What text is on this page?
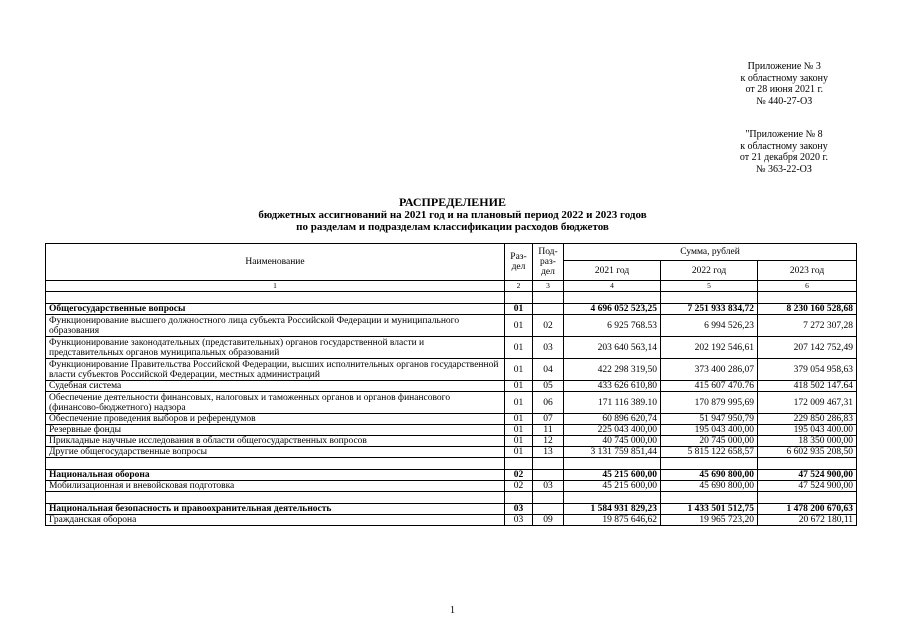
Приложение № 3
к областному закону
от 28 июня 2021 г.
№ 440-27-ОЗ
"Приложение № 8
к областному закону
от 21 декабря 2020 г.
№ 363-22-ОЗ
РАСПРЕДЕЛЕНИЕ
бюджетных ассигнований на 2021 год и на плановый период 2022 и 2023 годов
по разделам и подразделам классификации расходов бюджетов
Наименование	Раз-дел	Под-раз-дел	Сумма, рублей		
			2021 год	2022 год	2023 год
1	2	3	4	5	6

Общегосударственные вопросы	01		4 696 052 523,25	7 251 933 834,72	8 230 160 528,68
Функционирование высшего должностного лица субъекта Российской Федерации и муниципального образования	01	02	6 925 768.53	6 994 526,23	7 272 307,28
Функционирование законодательных (представительных) органов государственной власти и представительных органов муниципальных образований	01	03	203 640 563,14	202 192 546,61	207 142 752,49
Функционирование Правительства Российской Федерации, высших исполнительных органов государственной власти субъектов Российской Федерации, местных администраций	01	04	422 298 319,50	373 400 286,07	379 054 958,63
Судебная система	01	05	433 626 610,80	415 607 470.76	418 502 147.64
Обеспечение деятельности финансовых, налоговых и таможенных органов и органов финансового (финансово-бюджетного) надзора	01	06	171 116 389.10	170 879 995,69	172 009 467,31
Обеспечение проведения выборов и референдумов	01	07	60 896 620,74	51 947 950,79	229 850 286,83
Резервные фонды	01	11	225 043 400,00	195 043 400,00	195 043 400.00
Прикладные научные исследования в области общегосударственных вопросов	01	12	40 745 000,00	20 745 000,00	18 350 000,00
Другие общегосударственные вопросы	01	13	3 131 759 851,44	5 815 122 658,57	6 602 935 208,50

Национальная оборона	02		45 215 600,00	45 690 800,00	47 524 900,00
Мобилизационная и вневойсковая подготовка	02	03	45 215 600,00	45 690 800,00	47 524 900,00

Национальная безопасность и правоохранительная деятельность	03		1 584 931 829,23	1 433 501 512,75	1 478 200 670,63
Гражданская оборона	03	09	19 875 646,62	19 965 723,20	20 672 180,11
1
